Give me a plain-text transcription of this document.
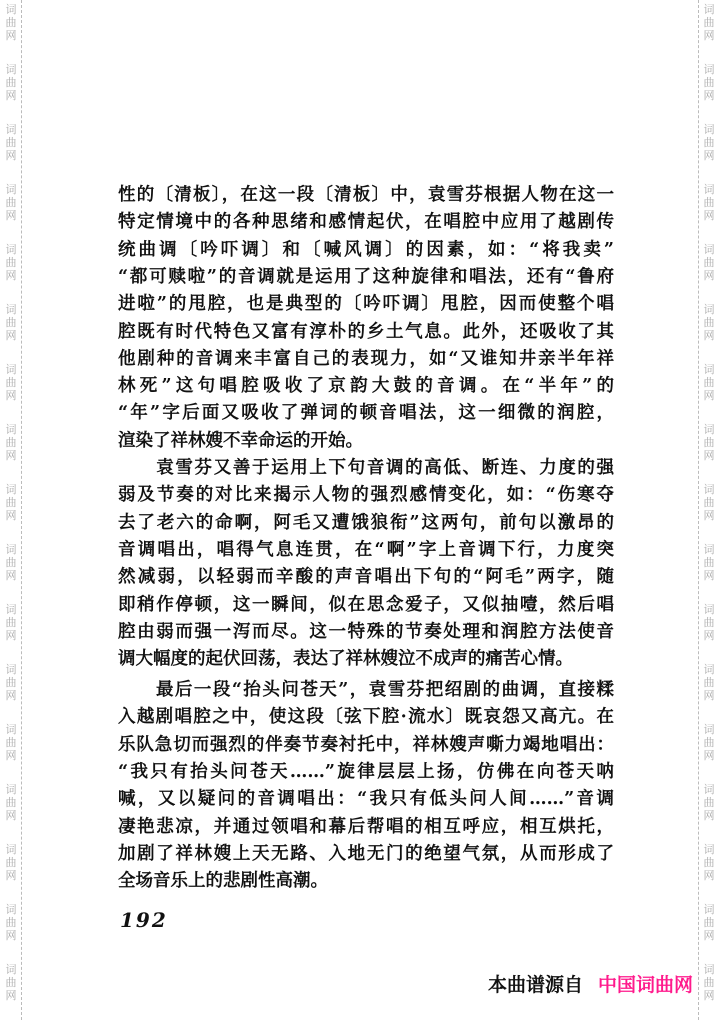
词
曲
网
词
曲
网
词
曲
网
词
曲
网
词
曲
网
词
曲
网
词
曲
网
词
曲
网
词
曲
网
词
曲
网
词
曲
网
词
曲
网
词
曲
网
词
曲
网
词
曲
网
词
曲
网
词
曲
网
词
曲
网
词
曲
网
词
曲
网
词
曲
网
词
曲
网
词
曲
网
词
曲
网
词
曲
网
词
曲
网
词
曲
网
词
曲
网
词
曲
网
词
曲
网
词
曲
网
词
曲
网
词
曲
网
词
曲
网
性的〔清板〕，在这一段〔清板〕中，袁雪芬根据人物在这一
特定情境中的各种思绪和感情起伏，在唱腔中应用了越剧传
统曲调〔吟吓调〕和〔喊风调〕的因素，如：“将我卖”
“都可赎啦”的音调就是运用了这种旋律和唱法，还有“鲁府
进啦”的甩腔，也是典型的〔吟吓调〕甩腔，因而使整个唱
腔既有时代特色又富有淳朴的乡土气息。此外，还吸收了其
他剧种的音调来丰富自己的表现力，如“又谁知井亲半年祥
林死”这句唱腔吸收了京韵大鼓的音调。在“半年”的
“年”字后面又吸收了弹词的顿音唱法，这一细微的润腔，
渲染了祥林嫂不幸命运的开始。
　　袁雪芬又善于运用上下句音调的高低、断连、力度的强
弱及节奏的对比来揭示人物的强烈感情变化，如：“伤寒夺
去了老六的命啊，阿毛又遭饿狼衔”这两句，前句以激昂的
音调唱出，唱得气息连贯，在“啊”字上音调下行，力度突
然减弱，以轻弱而辛酸的声音唱出下句的“阿毛”两字，随
即稍作停顿，这一瞬间，似在思念爱子，又似抽噎，然后唱
腔由弱而强一泻而尽。这一特殊的节奏处理和润腔方法使音
调大幅度的起伏回荡，表达了祥林嫂泣不成声的痛苦心情。
　　最后一段“抬头问苍天”，袁雪芬把绍剧的曲调，直接糅
入越剧唱腔之中，使这段〔弦下腔·流水〕既哀怨又高亢。在
乐队急切而强烈的伴奏节奏衬托中，祥林嫂声嘶力竭地唱出：
“我只有抬头问苍天……”旋律层层上扬，仿佛在向苍天呐
喊，又以疑问的音调唱出：“我只有低头问人间……”音调
凄艳悲凉，并通过领唱和幕后帮唱的相互呼应，相互烘托，
加剧了祥林嫂上天无路、入地无门的绝望气氛，从而形成了
全场音乐上的悲剧性高潮。
192
本曲谱源自 中国词曲网
